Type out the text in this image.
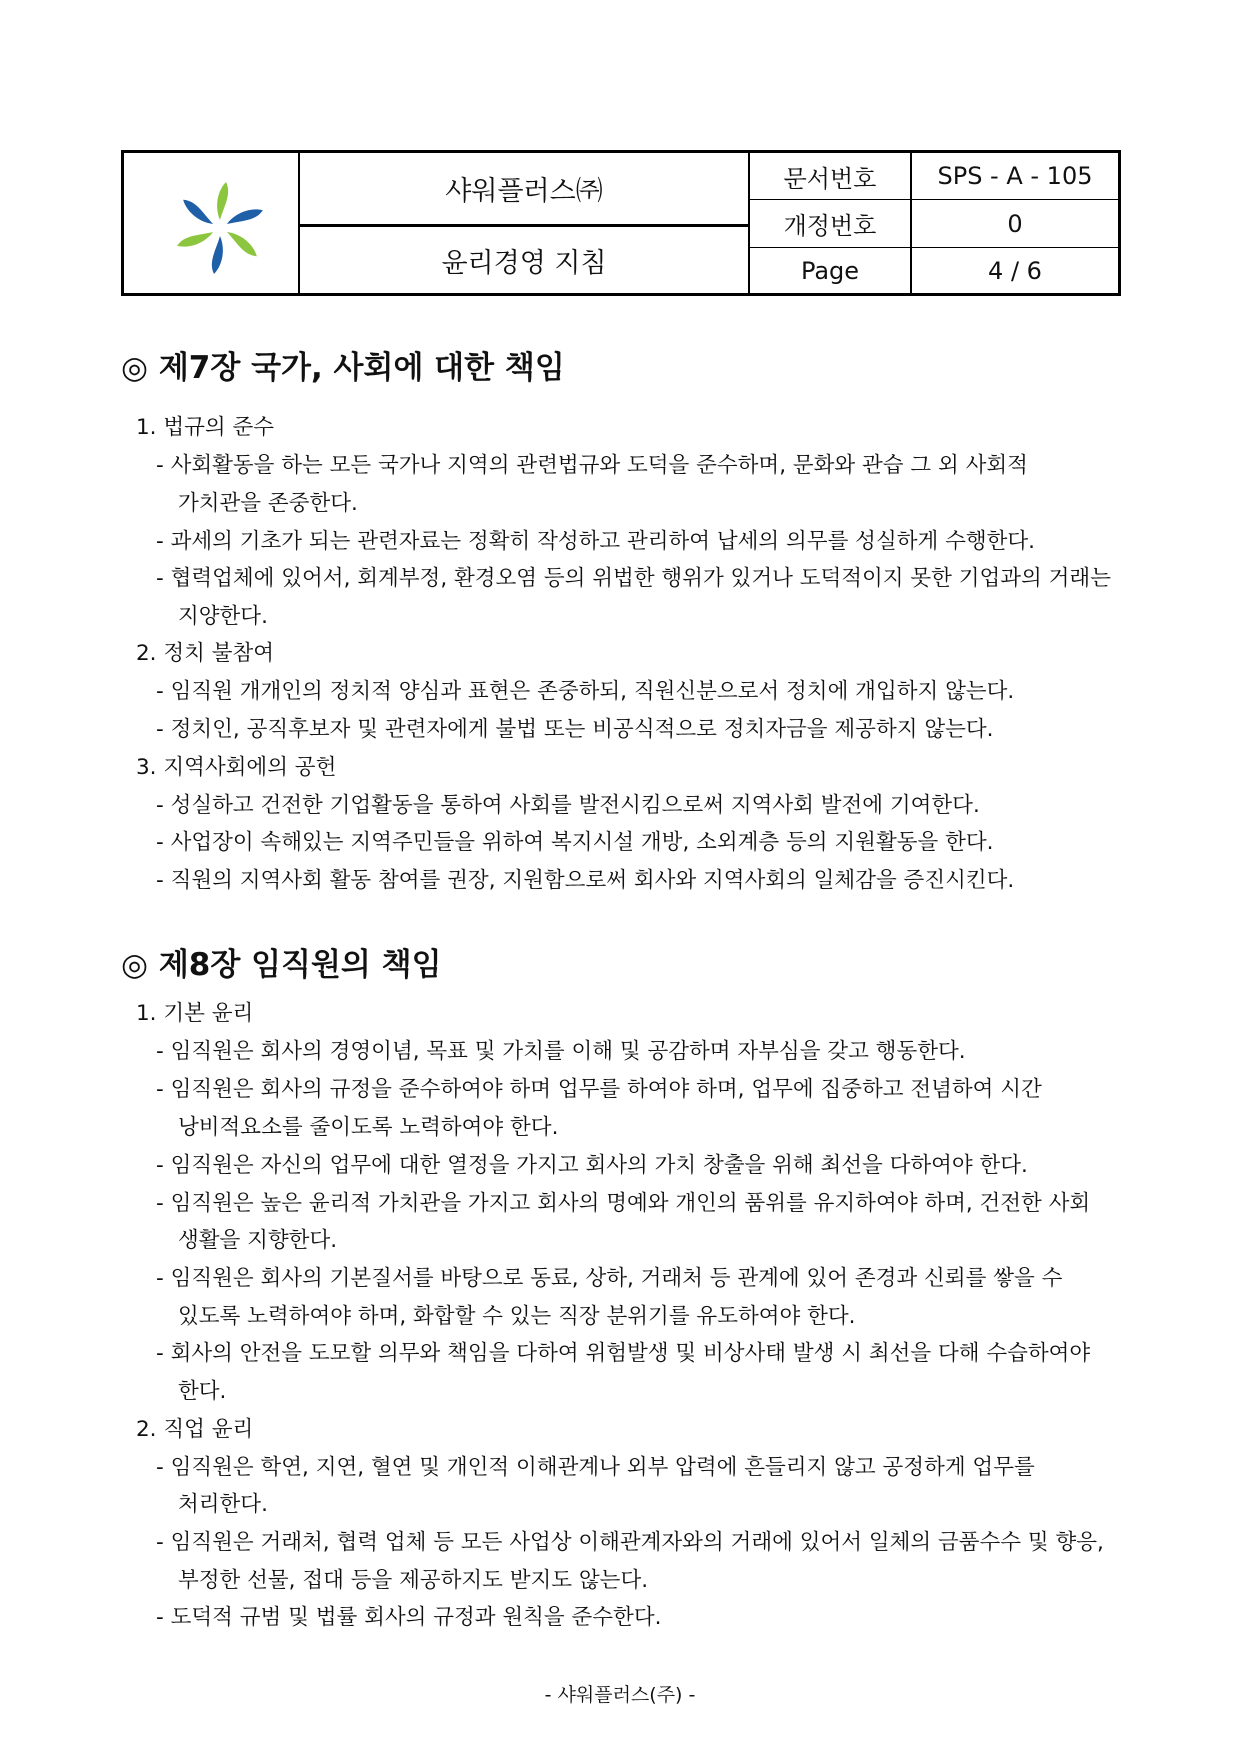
샤워플러스㈜
윤리경영 지침
문서번호	SPS - A - 105
개정번호	0
Page	4 / 6
◎ 제7장 국가, 사회에 대한 책임
1. 법규의 준수
- 사회활동을 하는 모든 국가나 지역의 관련법규와 도덕을 준수하며, 문화와 관습 그 외 사회적
가치관을 존중한다.
- 과세의 기초가 되는 관련자료는 정확히 작성하고 관리하여 납세의 의무를 성실하게 수행한다.
- 협력업체에 있어서, 회계부정, 환경오염 등의 위법한 행위가 있거나 도덕적이지 못한 기업과의 거래는
지양한다.
2. 정치 불참여
- 임직원 개개인의 정치적 양심과 표현은 존중하되, 직원신분으로서 정치에 개입하지 않는다.
- 정치인, 공직후보자 및 관련자에게 불법 또는 비공식적으로 정치자금을 제공하지 않는다.
3. 지역사회에의 공헌
- 성실하고 건전한 기업활동을 통하여 사회를 발전시킴으로써 지역사회 발전에 기여한다.
- 사업장이 속해있는 지역주민들을 위하여 복지시설 개방, 소외계층 등의 지원활동을 한다.
- 직원의 지역사회 활동 참여를 권장, 지원함으로써 회사와 지역사회의 일체감을 증진시킨다.
◎ 제8장 임직원의 책임
1. 기본 윤리
- 임직원은 회사의 경영이념, 목표 및 가치를 이해 및 공감하며 자부심을 갖고 행동한다.
- 임직원은 회사의 규정을 준수하여야 하며 업무를 하여야 하며, 업무에 집중하고 전념하여 시간
낭비적요소를 줄이도록 노력하여야 한다.
- 임직원은 자신의 업무에 대한 열정을 가지고 회사의 가치 창출을 위해 최선을 다하여야 한다.
- 임직원은 높은 윤리적 가치관을 가지고 회사의 명예와 개인의 품위를 유지하여야 하며, 건전한 사회
생활을 지향한다.
- 임직원은 회사의 기본질서를 바탕으로 동료, 상하, 거래처 등 관계에 있어 존경과 신뢰를 쌓을 수
있도록 노력하여야 하며, 화합할 수 있는 직장 분위기를 유도하여야 한다.
- 회사의 안전을 도모할 의무와 책임을 다하여 위험발생 및 비상사태 발생 시 최선을 다해 수습하여야
한다.
2. 직업 윤리
- 임직원은 학연, 지연, 혈연 및 개인적 이해관계나 외부 압력에 흔들리지 않고 공정하게 업무를
처리한다.
- 임직원은 거래처, 협력 업체 등 모든 사업상 이해관계자와의 거래에 있어서 일체의 금품수수 및 향응,
부정한 선물, 접대 등을 제공하지도 받지도 않는다.
- 도덕적 규범 및 법률 회사의 규정과 원칙을 준수한다.
- 샤워플러스(주) -
